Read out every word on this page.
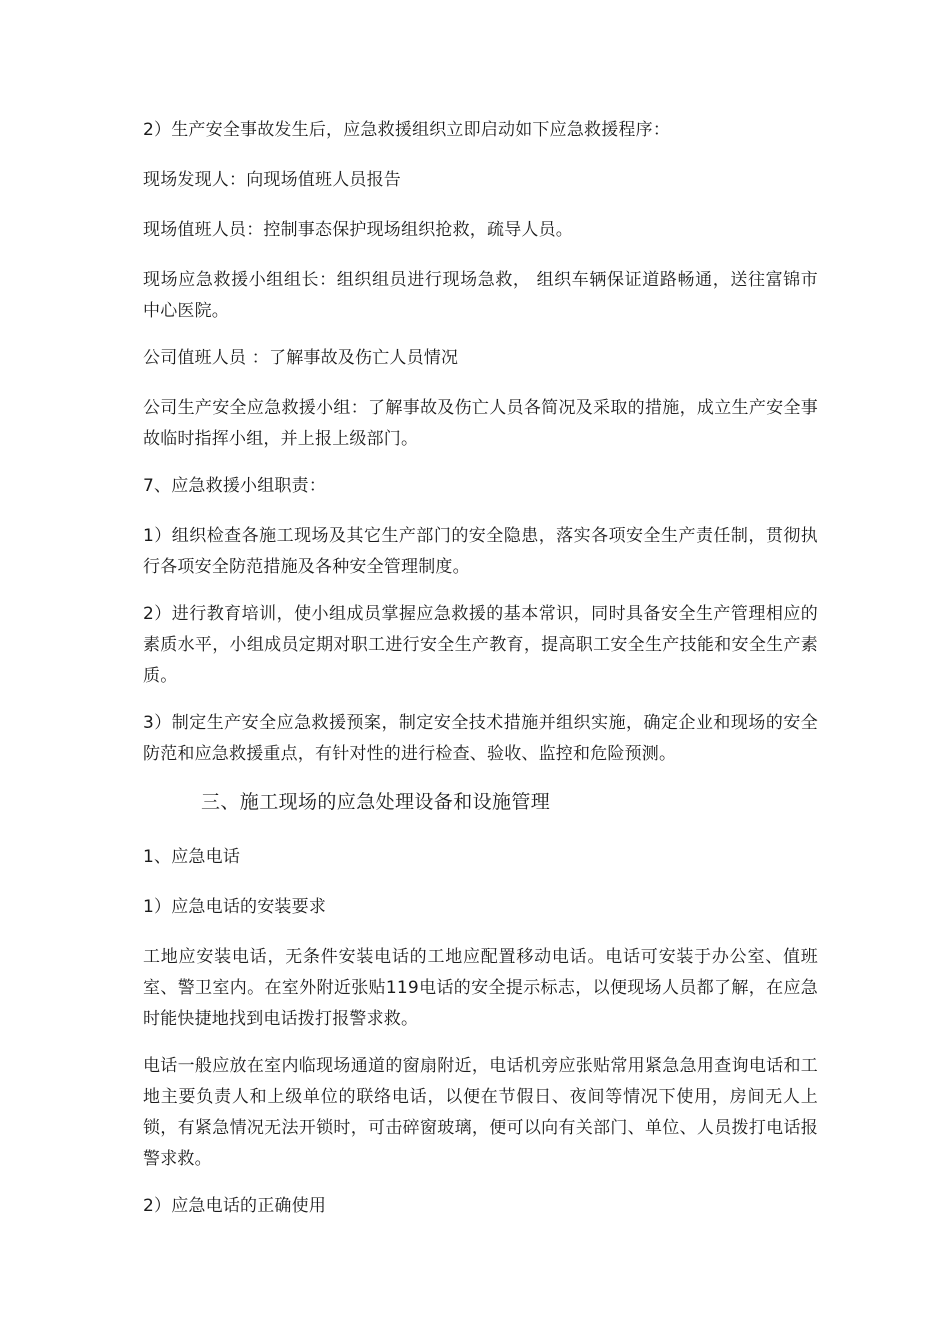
2）生产安全事故发生后，应急救援组织立即启动如下应急救援程序：

现场发现人：向现场值班人员报告

现场值班人员：控制事态保护现场组织抢救，疏导人员。

现场应急救援小组组长：组织组员进行现场急救， 组织车辆保证道路畅通，送往富锦市中心医院。

公司值班人员 ：了解事故及伤亡人员情况

公司生产安全应急救援小组：了解事故及伤亡人员各简况及采取的措施，成立生产安全事故临时指挥小组，并上报上级部门。

7、应急救援小组职责：

1）组织检查各施工现场及其它生产部门的安全隐患，落实各项安全生产责任制，贯彻执行各项安全防范措施及各种安全管理制度。

2）进行教育培训，使小组成员掌握应急救援的基本常识，同时具备安全生产管理相应的素质水平，小组成员定期对职工进行安全生产教育，提高职工安全生产技能和安全生产素质。

3）制定生产安全应急救援预案，制定安全技术措施并组织实施，确定企业和现场的安全防范和应急救援重点，有针对性的进行检查、验收、监控和危险预测。

三、施工现场的应急处理设备和设施管理

1、应急电话

1）应急电话的安装要求

工地应安装电话，无条件安装电话的工地应配置移动电话。电话可安装于办公室、值班室、警卫室内。在室外附近张贴119电话的安全提示标志，以便现场人员都了解，在应急时能快捷地找到电话拨打报警求救。

电话一般应放在室内临现场通道的窗扇附近，电话机旁应张贴常用紧急急用查询电话和工地主要负责人和上级单位的联络电话，以便在节假日、夜间等情况下使用，房间无人上锁，有紧急情况无法开锁时，可击碎窗玻璃，便可以向有关部门、单位、人员拨打电话报警求救。

2）应急电话的正确使用
